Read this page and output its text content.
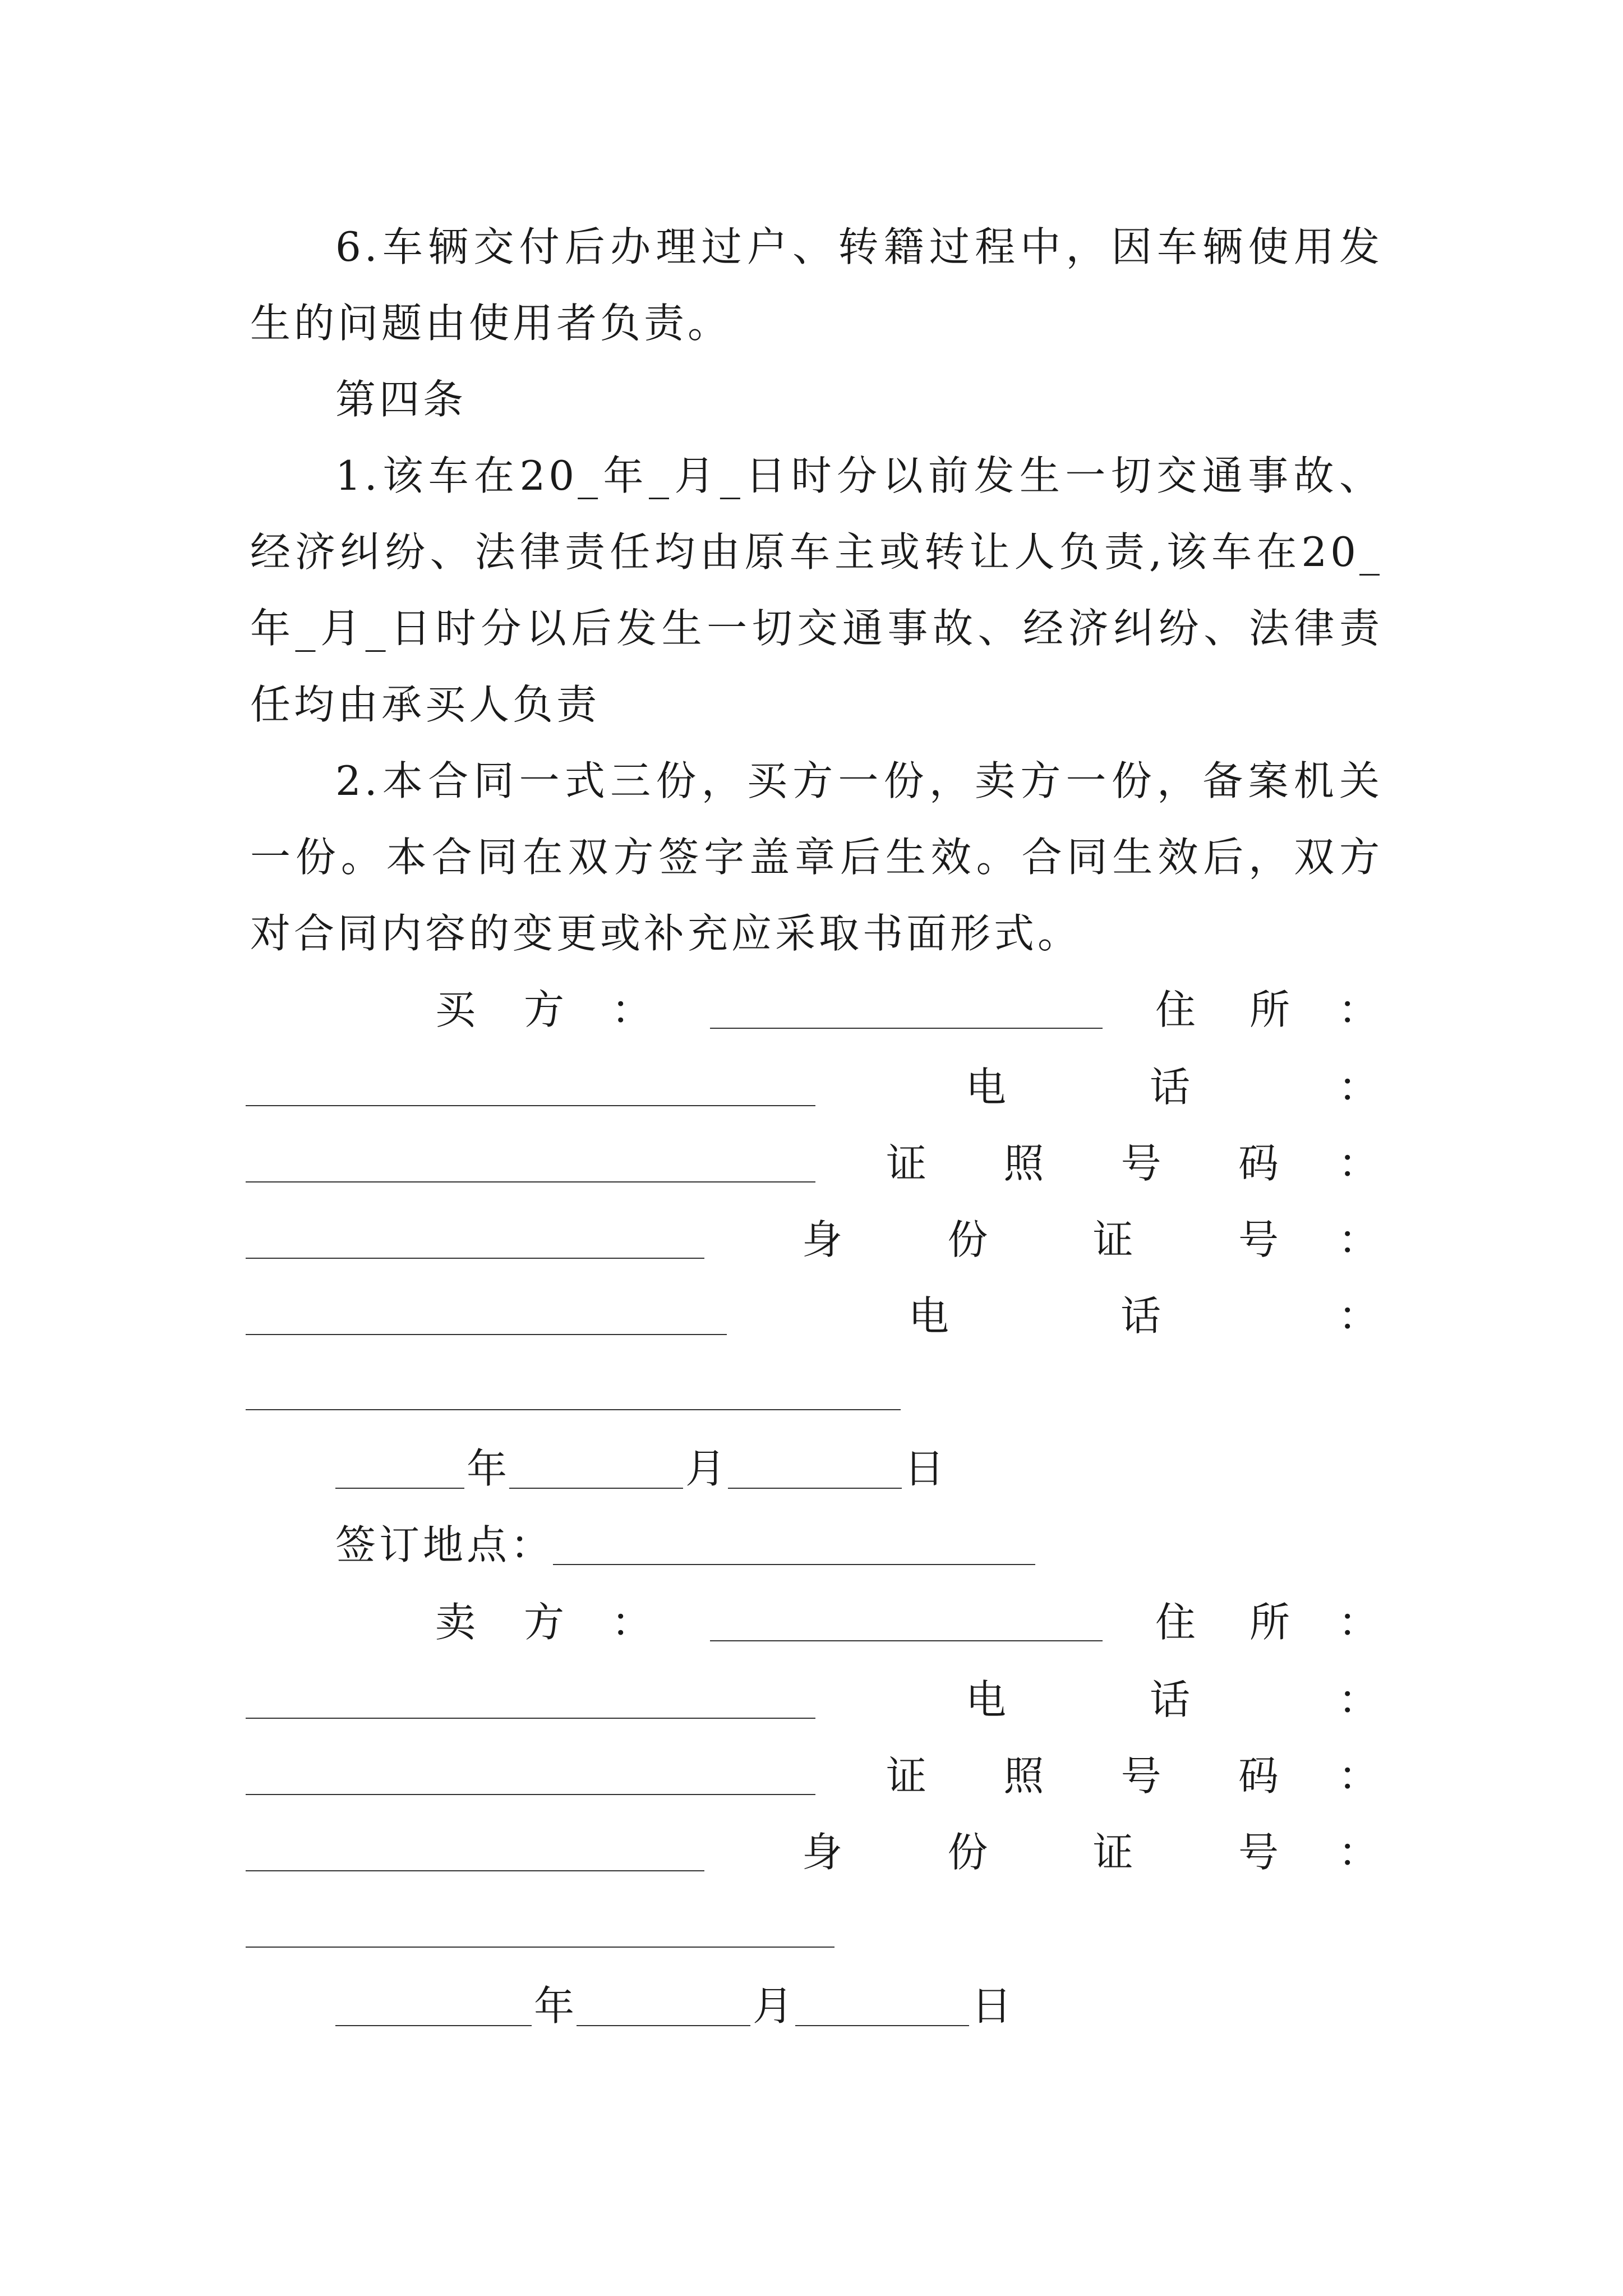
6.车辆交付后办理过户、转籍过程中，因车辆使用发生的问题由使用者负责。

第四条

1.该车在20_年_月_日时分以前发生一切交通事故、经济纠纷、法律责任均由原车主或转让人负责,该车在20_年_月_日时分以后发生一切交通事故、经济纠纷、法律责任均由承买人负责

2.本合同一式三份，买方一份，卖方一份，备案机关一份。本合同在双方签字盖章后生效。合同生效后，双方对合同内容的变更或补充应采取书面形式。

买 方 ：	住 所 ：
电	话	：
证 照 号 码 ：
身	份	证	号 ：
电	话	：
年	月	日
签订地点：
卖 方 ：	住 所 ：
电	话	：
证 照 号 码 ：
身	份	证	号 ：
年	月	日
